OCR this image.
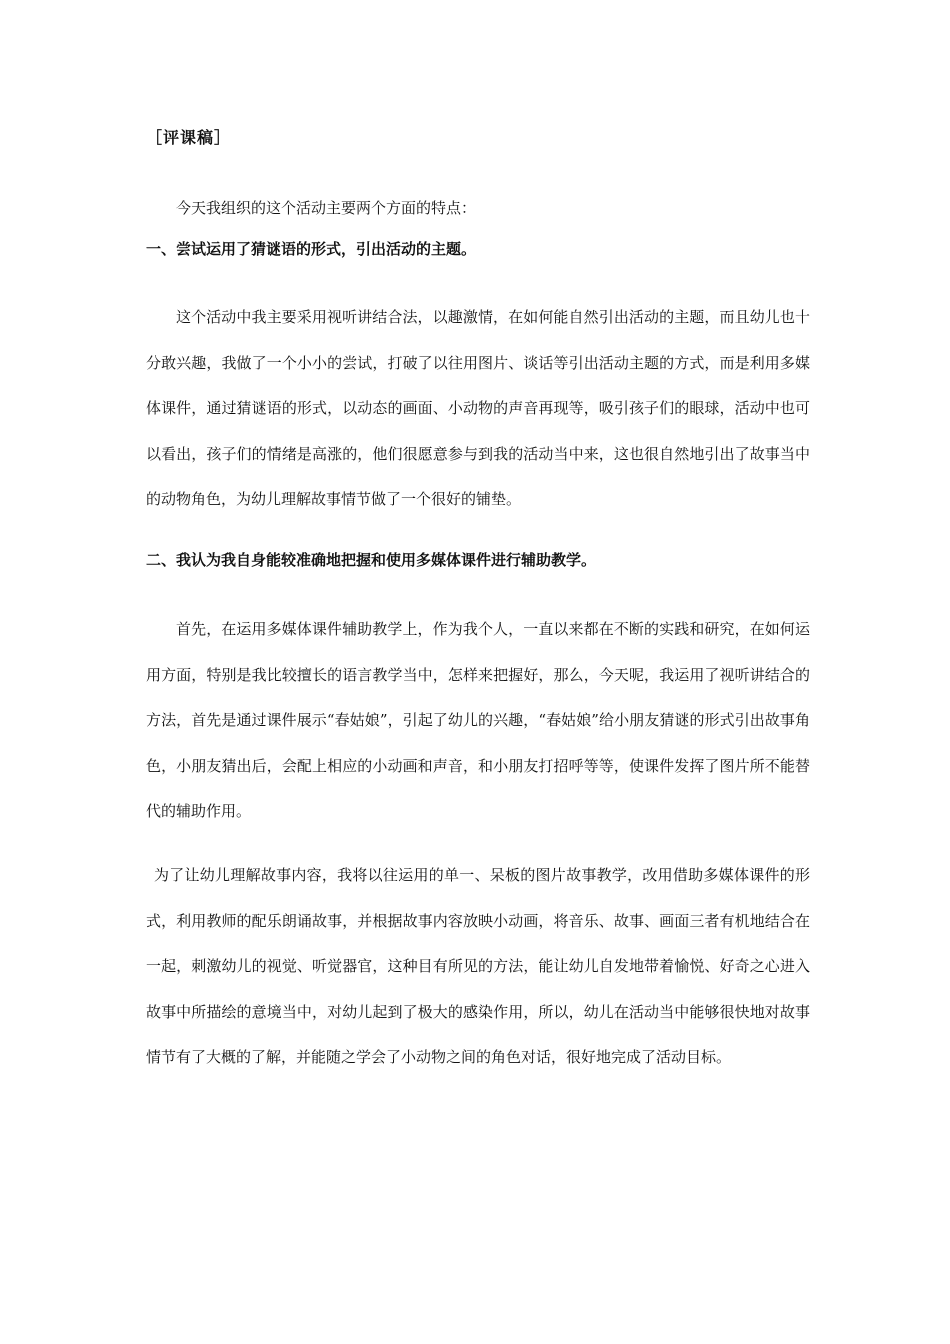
［评课稿］
今天我组织的这个活动主要两个方面的特点：
一、尝试运用了猜谜语的形式，引出活动的主题。

这个活动中我主要采用视听讲结合法，以趣激情，在如何能自然引出活动的主题，而且幼儿也十分敢兴趣，我做了一个小小的尝试，打破了以往用图片、谈话等引出活动主题的方式，而是利用多媒体课件，通过猜谜语的形式，以动态的画面、小动物的声音再现等，吸引孩子们的眼球，活动中也可以看出，孩子们的情绪是高涨的，他们很愿意参与到我的活动当中来，这也很自然地引出了故事当中的动物角色，为幼儿理解故事情节做了一个很好的铺垫。

二、我认为我自身能较准确地把握和使用多媒体课件进行辅助教学。

首先，在运用多媒体课件辅助教学上，作为我个人，一直以来都在不断的实践和研究，在如何运用方面，特别是我比较擅长的语言教学当中，怎样来把握好，那么，今天呢，我运用了视听讲结合的方法，首先是通过课件展示“春姑娘”，引起了幼儿的兴趣，“春姑娘”给小朋友猜谜的形式引出故事角色，小朋友猜出后，会配上相应的小动画和声音，和小朋友打招呼等等，使课件发挥了图片所不能替代的辅助作用。

为了让幼儿理解故事内容，我将以往运用的单一、呆板的图片故事教学，改用借助多媒体课件的形式，利用教师的配乐朗诵故事，并根据故事内容放映小动画，将音乐、故事、画面三者有机地结合在一起，刺激幼儿的视觉、听觉器官，这种目有所见的方法，能让幼儿自发地带着愉悦、好奇之心进入故事中所描绘的意境当中，对幼儿起到了极大的感染作用，所以，幼儿在活动当中能够很快地对故事情节有了大概的了解，并能随之学会了小动物之间的角色对话，很好地完成了活动目标。
